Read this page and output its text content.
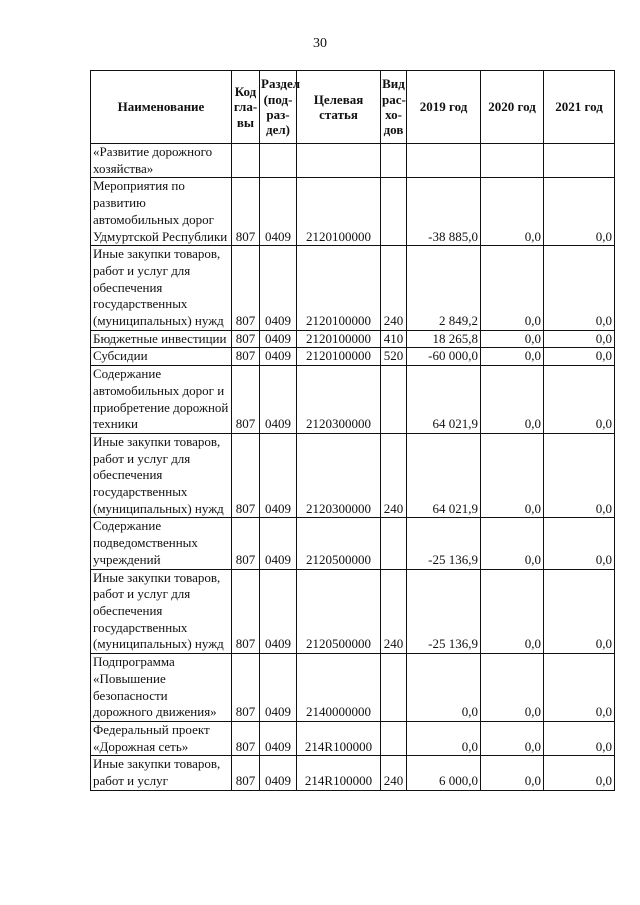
30
Наименование	Код гла- вы	Раздел (под- раз- дел)	Целевая статья	Вид рас- хо- дов	2019 год	2020 год	2021 год
«Развитие дорожного хозяйства»							
Мероприятия по развитию автомобильных дорог Удмуртской Республики	807	0409	2120100000		-38 885,0	0,0	0,0
Иные закупки товаров, работ и услуг для обеспечения государственных (муниципальных) нужд	807	0409	2120100000	240	2 849,2	0,0	0,0
Бюджетные инвестиции	807	0409	2120100000	410	18 265,8	0,0	0,0
Субсидии	807	0409	2120100000	520	-60 000,0	0,0	0,0
Содержание автомобильных дорог и приобретение дорожной техники	807	0409	2120300000		64 021,9	0,0	0,0
Иные закупки товаров, работ и услуг для обеспечения государственных (муниципальных) нужд	807	0409	2120300000	240	64 021,9	0,0	0,0
Содержание подведомственных учреждений	807	0409	2120500000		-25 136,9	0,0	0,0
Иные закупки товаров, работ и услуг для обеспечения государственных (муниципальных) нужд	807	0409	2120500000	240	-25 136,9	0,0	0,0
Подпрограмма «Повышение безопасности дорожного движения»	807	0409	2140000000		0,0	0,0	0,0
Федеральный проект «Дорожная сеть»	807	0409	214R100000		0,0	0,0	0,0
Иные закупки товаров, работ и услуг	807	0409	214R100000	240	6 000,0	0,0	0,0
